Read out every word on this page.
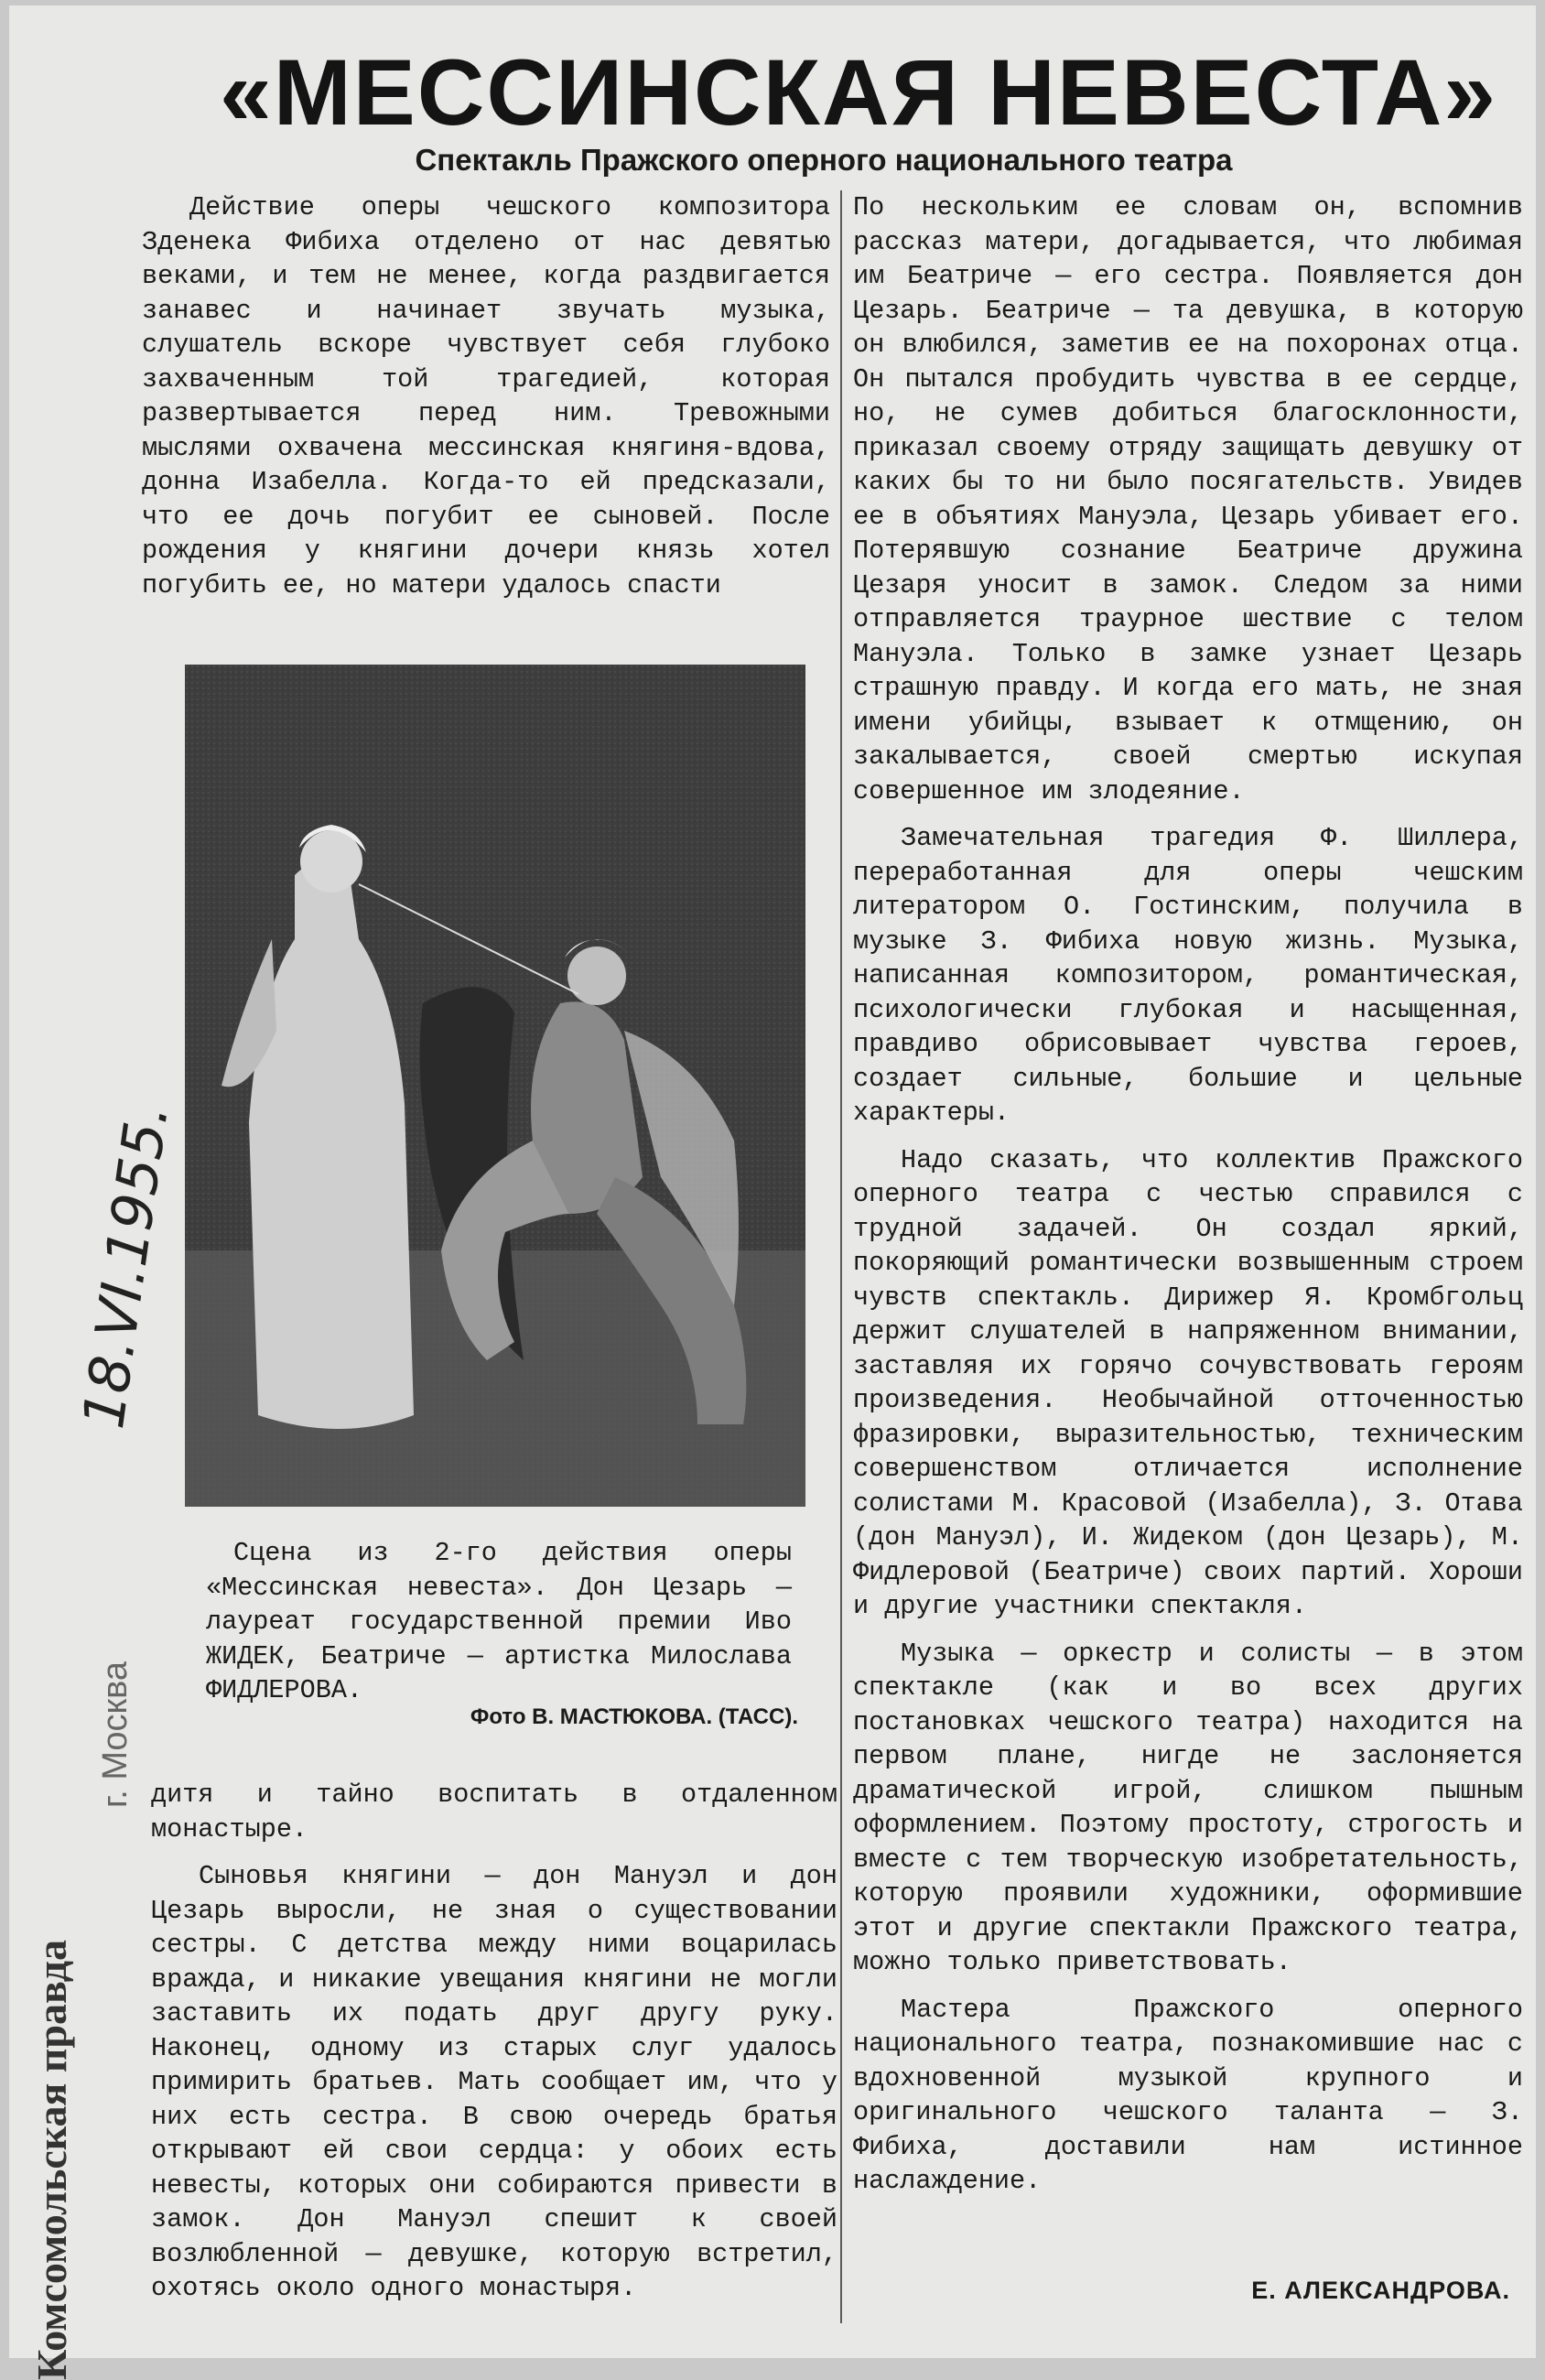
«МЕССИНСКАЯ НЕВЕСТА»
Спектакль Пражского оперного национального театра

Действие оперы чешского композитора Зденека Фибиха отделено от нас девятью веками, и тем не менее, когда раздвигается занавес и начинает звучать музыка, слушатель вскоре чувствует себя глубоко захваченным той трагедией, которая развертывается перед ним. Тревожными мыслями охвачена мессинская княгиня-вдова, донна Изабелла. Когда-то ей предсказали, что ее дочь погубит ее сыновей. После рождения у княгини дочери князь хотел погубить ее, но матери удалось спасти

Сцена из 2-го действия оперы «Мессинская невеста». Дон Цезарь — лауреат государственной премии Иво ЖИДЕК, Беатриче — артистка Милослава ФИДЛЕРОВА.
Фото В. МАСТЮКОВА. (ТАСС).

дитя и тайно воспитать в отдаленном монастыре.

Сыновья княгини — дон Мануэл и дон Цезарь выросли, не зная о существовании сестры. С детства между ними воцарилась вражда, и никакие увещания княгини не могли заставить их подать друг другу руку. Наконец, одному из старых слуг удалось примирить братьев. Мать сообщает им, что у них есть сестра. В свою очередь братья открывают ей свои сердца: у обоих есть невесты, которых они собираются привести в замок. Дон Мануэл спешит к своей возлюбленной — девушке, которую встретил, охотясь около одного монастыря.

По нескольким ее словам он, вспомнив рассказ матери, догадывается, что любимая им Беатриче — его сестра. Появляется дон Цезарь. Беатриче — та девушка, в которую он влюбился, заметив ее на похоронах отца. Он пытался пробудить чувства в ее сердце, но, не сумев добиться благосклонности, приказал своему отряду защищать девушку от каких бы то ни было посягательств. Увидев ее в объятиях Мануэла, Цезарь убивает его. Потерявшую сознание Беатриче дружина Цезаря уносит в замок. Следом за ними отправляется траурное шествие с телом Мануэла. Только в замке узнает Цезарь страшную правду. И когда его мать, не зная имени убийцы, взывает к отмщению, он закалывается, своей смертью искупая совершенное им злодеяние.

Замечательная трагедия Ф. Шиллера, переработанная для оперы чешским литератором О. Гостинским, получила в музыке З. Фибиха новую жизнь. Музыка, написанная композитором, романтическая, психологически глубокая и насыщенная, правдиво обрисовывает чувства героев, создает сильные, большие и цельные характеры.

Надо сказать, что коллектив Пражского оперного театра с честью справился с трудной задачей. Он создал яркий, покоряющий романтически возвышенным строем чувств спектакль. Дирижер Я. Кромбгольц держит слушателей в напряженном внимании, заставляя их горячо сочувствовать героям произведения. Необычайной отточенностью фразировки, выразительностью, техническим совершенством отличается исполнение солистами М. Красовой (Изабелла), З. Отава (дон Мануэл), И. Жидеком (дон Цезарь), М. Фидлеровой (Беатриче) своих партий. Хороши и другие участники спектакля.

Музыка — оркестр и солисты — в этом спектакле (как и во всех других постановках чешского театра) находится на первом плане, нигде не заслоняется драматической игрой, слишком пышным оформлением. Поэтому простоту, строгость и вместе с тем творческую изобретательность, которую проявили художники, оформившие этот и другие спектакли Пражского театра, можно только приветствовать.

Мастера Пражского оперного национального театра, познакомившие нас с вдохновенной музыкой крупного и оригинального чешского таланта — З. Фибиха, доставили нам истинное наслаждение.

Е. АЛЕКСАНДРОВА.
Комсомольская правда
г. Москва
18.VI.1955.
